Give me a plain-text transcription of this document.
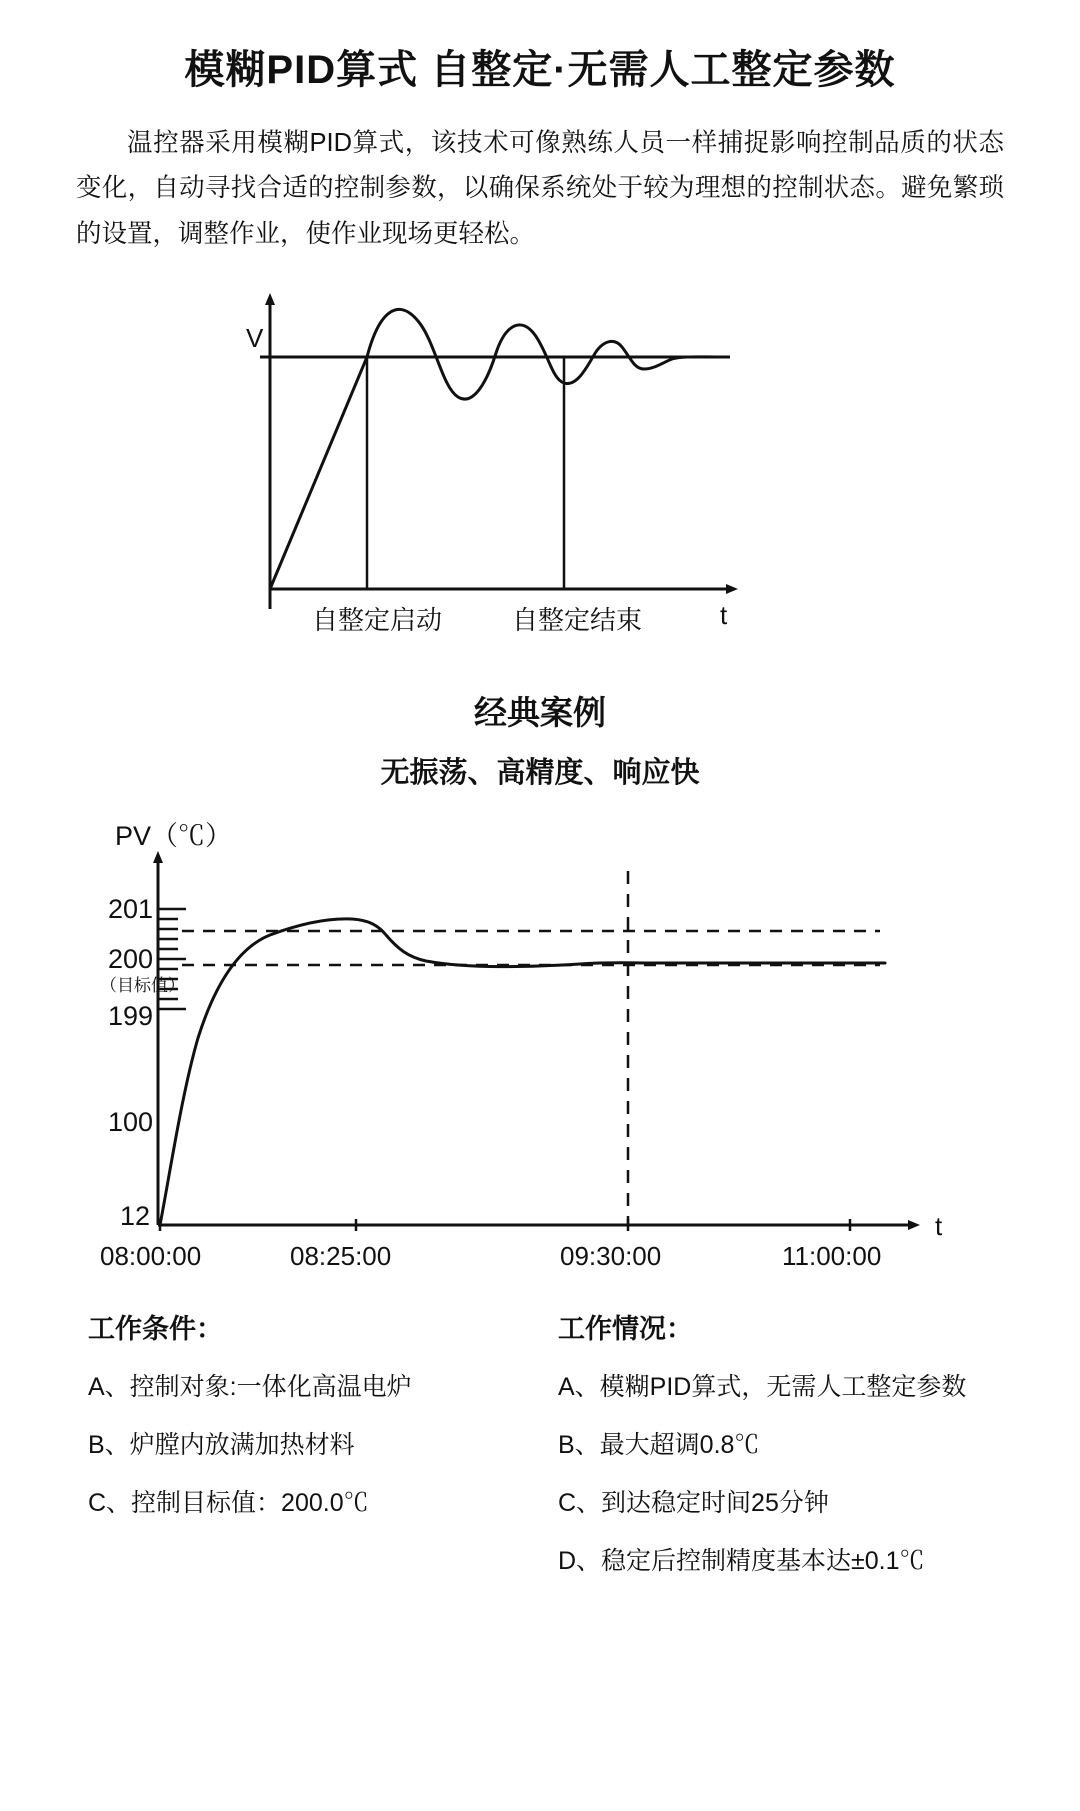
模糊PID算式 自整定·无需人工整定参数
温控器采用模糊PID算式，该技术可像熟练人员一样捕捉影响控制品质的状态变化，自动寻找合适的控制参数，以确保系统处于较为理想的控制状态。避免繁琐的设置，调整作业，使作业现场更轻松。
V
t
自整定启动	自整定结束
经典案例
无振荡、高精度、响应快
PV（℃）
201
200
（目标值）
199
100
12
08:00:00	08:25:00	09:30:00	11:00:00
t
工作条件：
A、控制对象:一体化高温电炉
B、炉膛内放满加热材料
C、控制目标值：200.0℃
工作情况：
A、模糊PID算式，无需人工整定参数
B、最大超调0.8℃
C、到达稳定时间25分钟
D、稳定后控制精度基本达±0.1℃
